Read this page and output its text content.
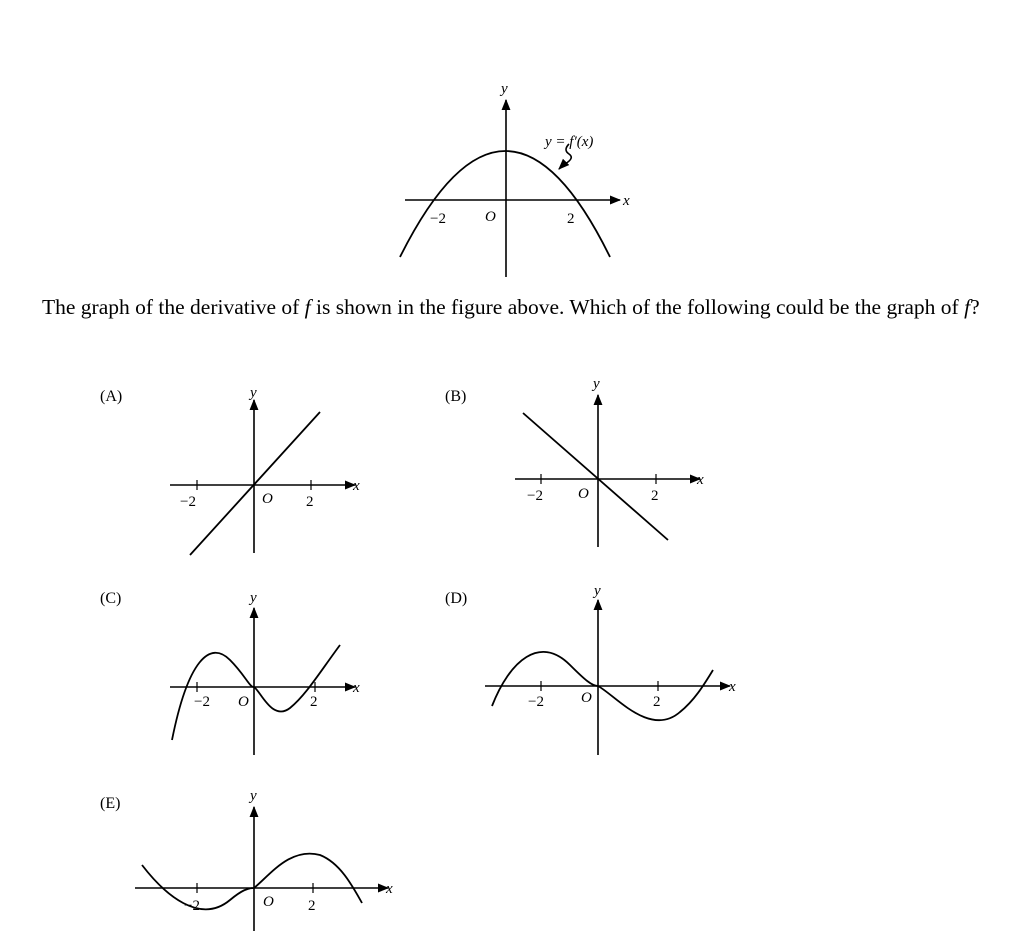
y
x
O
−2	2
y = f′(x)

The graph of the derivative of f is shown in the figure above. Which of the following could be the graph of f?

(A)	(B)
(C)	(D)
(E)
y
x
O
−2	2
y
x
O
−2	2
y
x
O
−2	2
y
x
O
−2	2
y
x
O
−2	2
